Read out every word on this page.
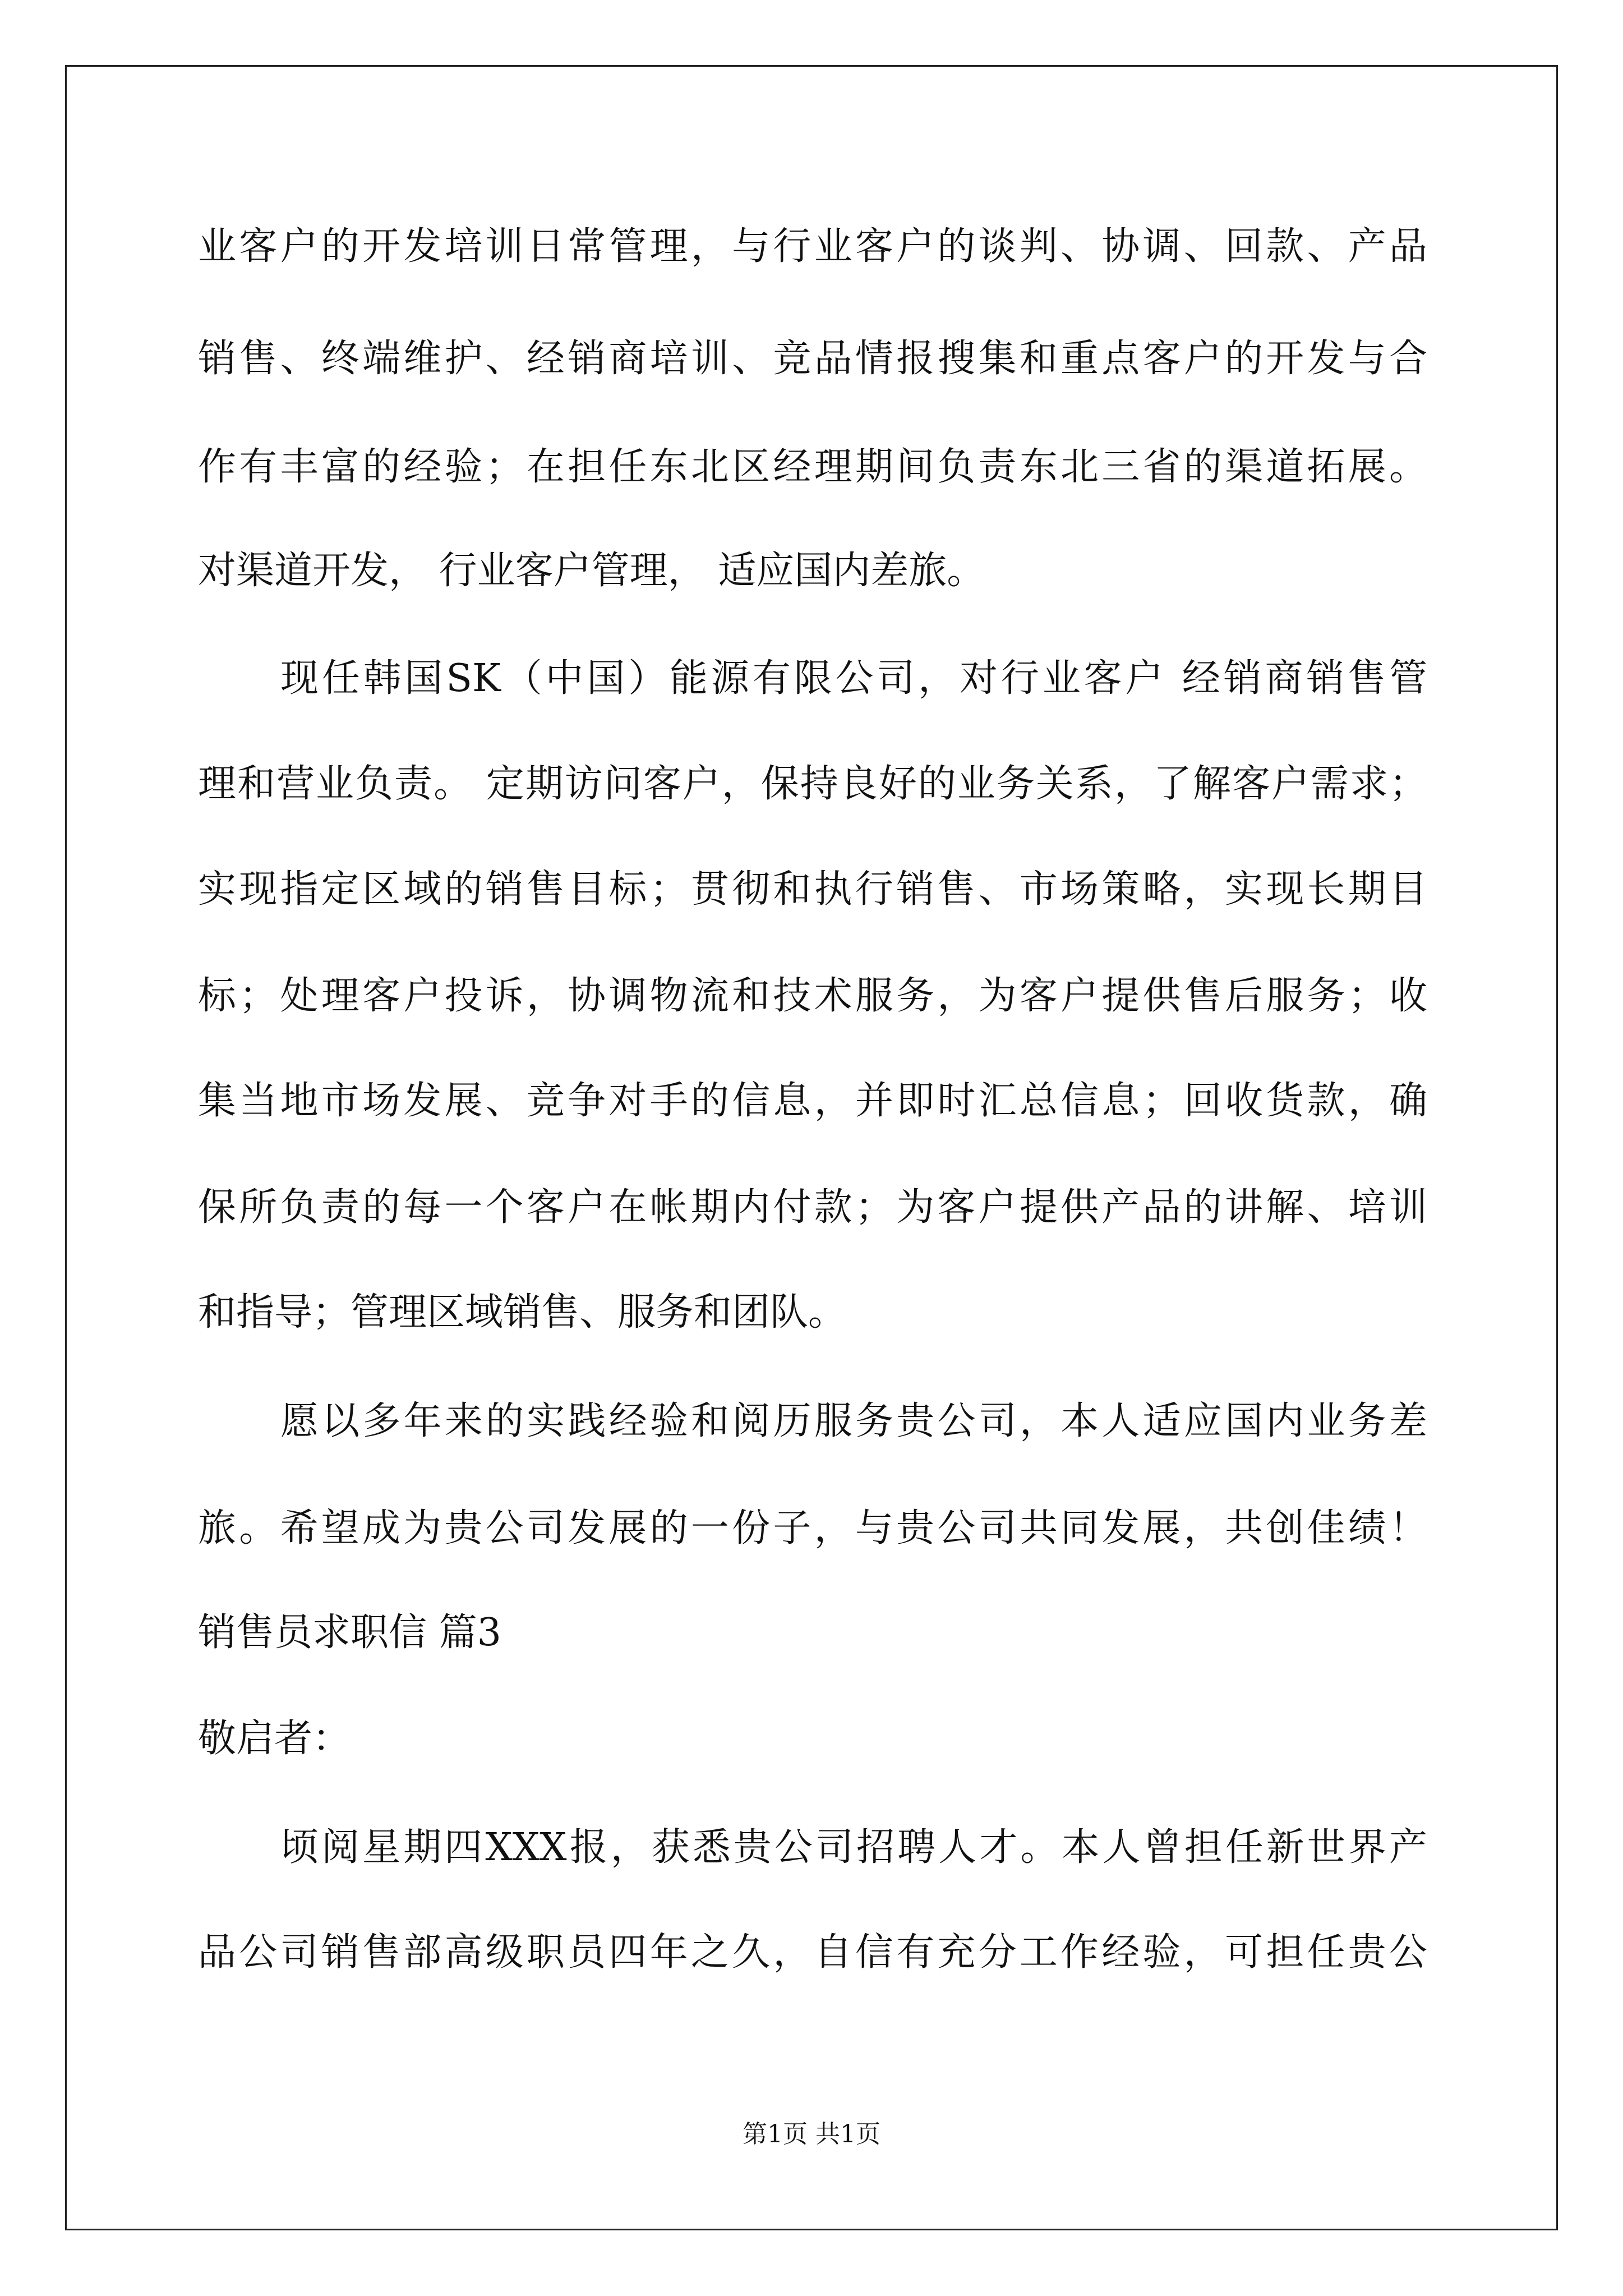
业客户的开发培训日常管理，与行业客户的谈判、协调、回款、产品
销售、终端维护、经销商培训、竞品情报搜集和重点客户的开发与合
作有丰富的经验；在担任东北区经理期间负责东北三省的渠道拓展。
对渠道开发， 行业客户管理， 适应国内差旅。
现任韩国SK（中国）能源有限公司，对行业客户 经销商销售管
理和营业负责。 定期访问客户，保持良好的业务关系，了解客户需求；
实现指定区域的销售目标；贯彻和执行销售、市场策略，实现长期目
标；处理客户投诉，协调物流和技术服务，为客户提供售后服务；收
集当地市场发展、竞争对手的信息，并即时汇总信息；回收货款，确
保所负责的每一个客户在帐期内付款；为客户提供产品的讲解、培训
和指导；管理区域销售、服务和团队。
愿以多年来的实践经验和阅历服务贵公司，本人适应国内业务差
旅。希望成为贵公司发展的一份子，与贵公司共同发展，共创佳绩！
销售员求职信 篇3
敬启者：
顷阅星期四XXX报，获悉贵公司招聘人才。本人曾担任新世界产
品公司销售部高级职员四年之久，自信有充分工作经验，可担任贵公
第1页 共1页
